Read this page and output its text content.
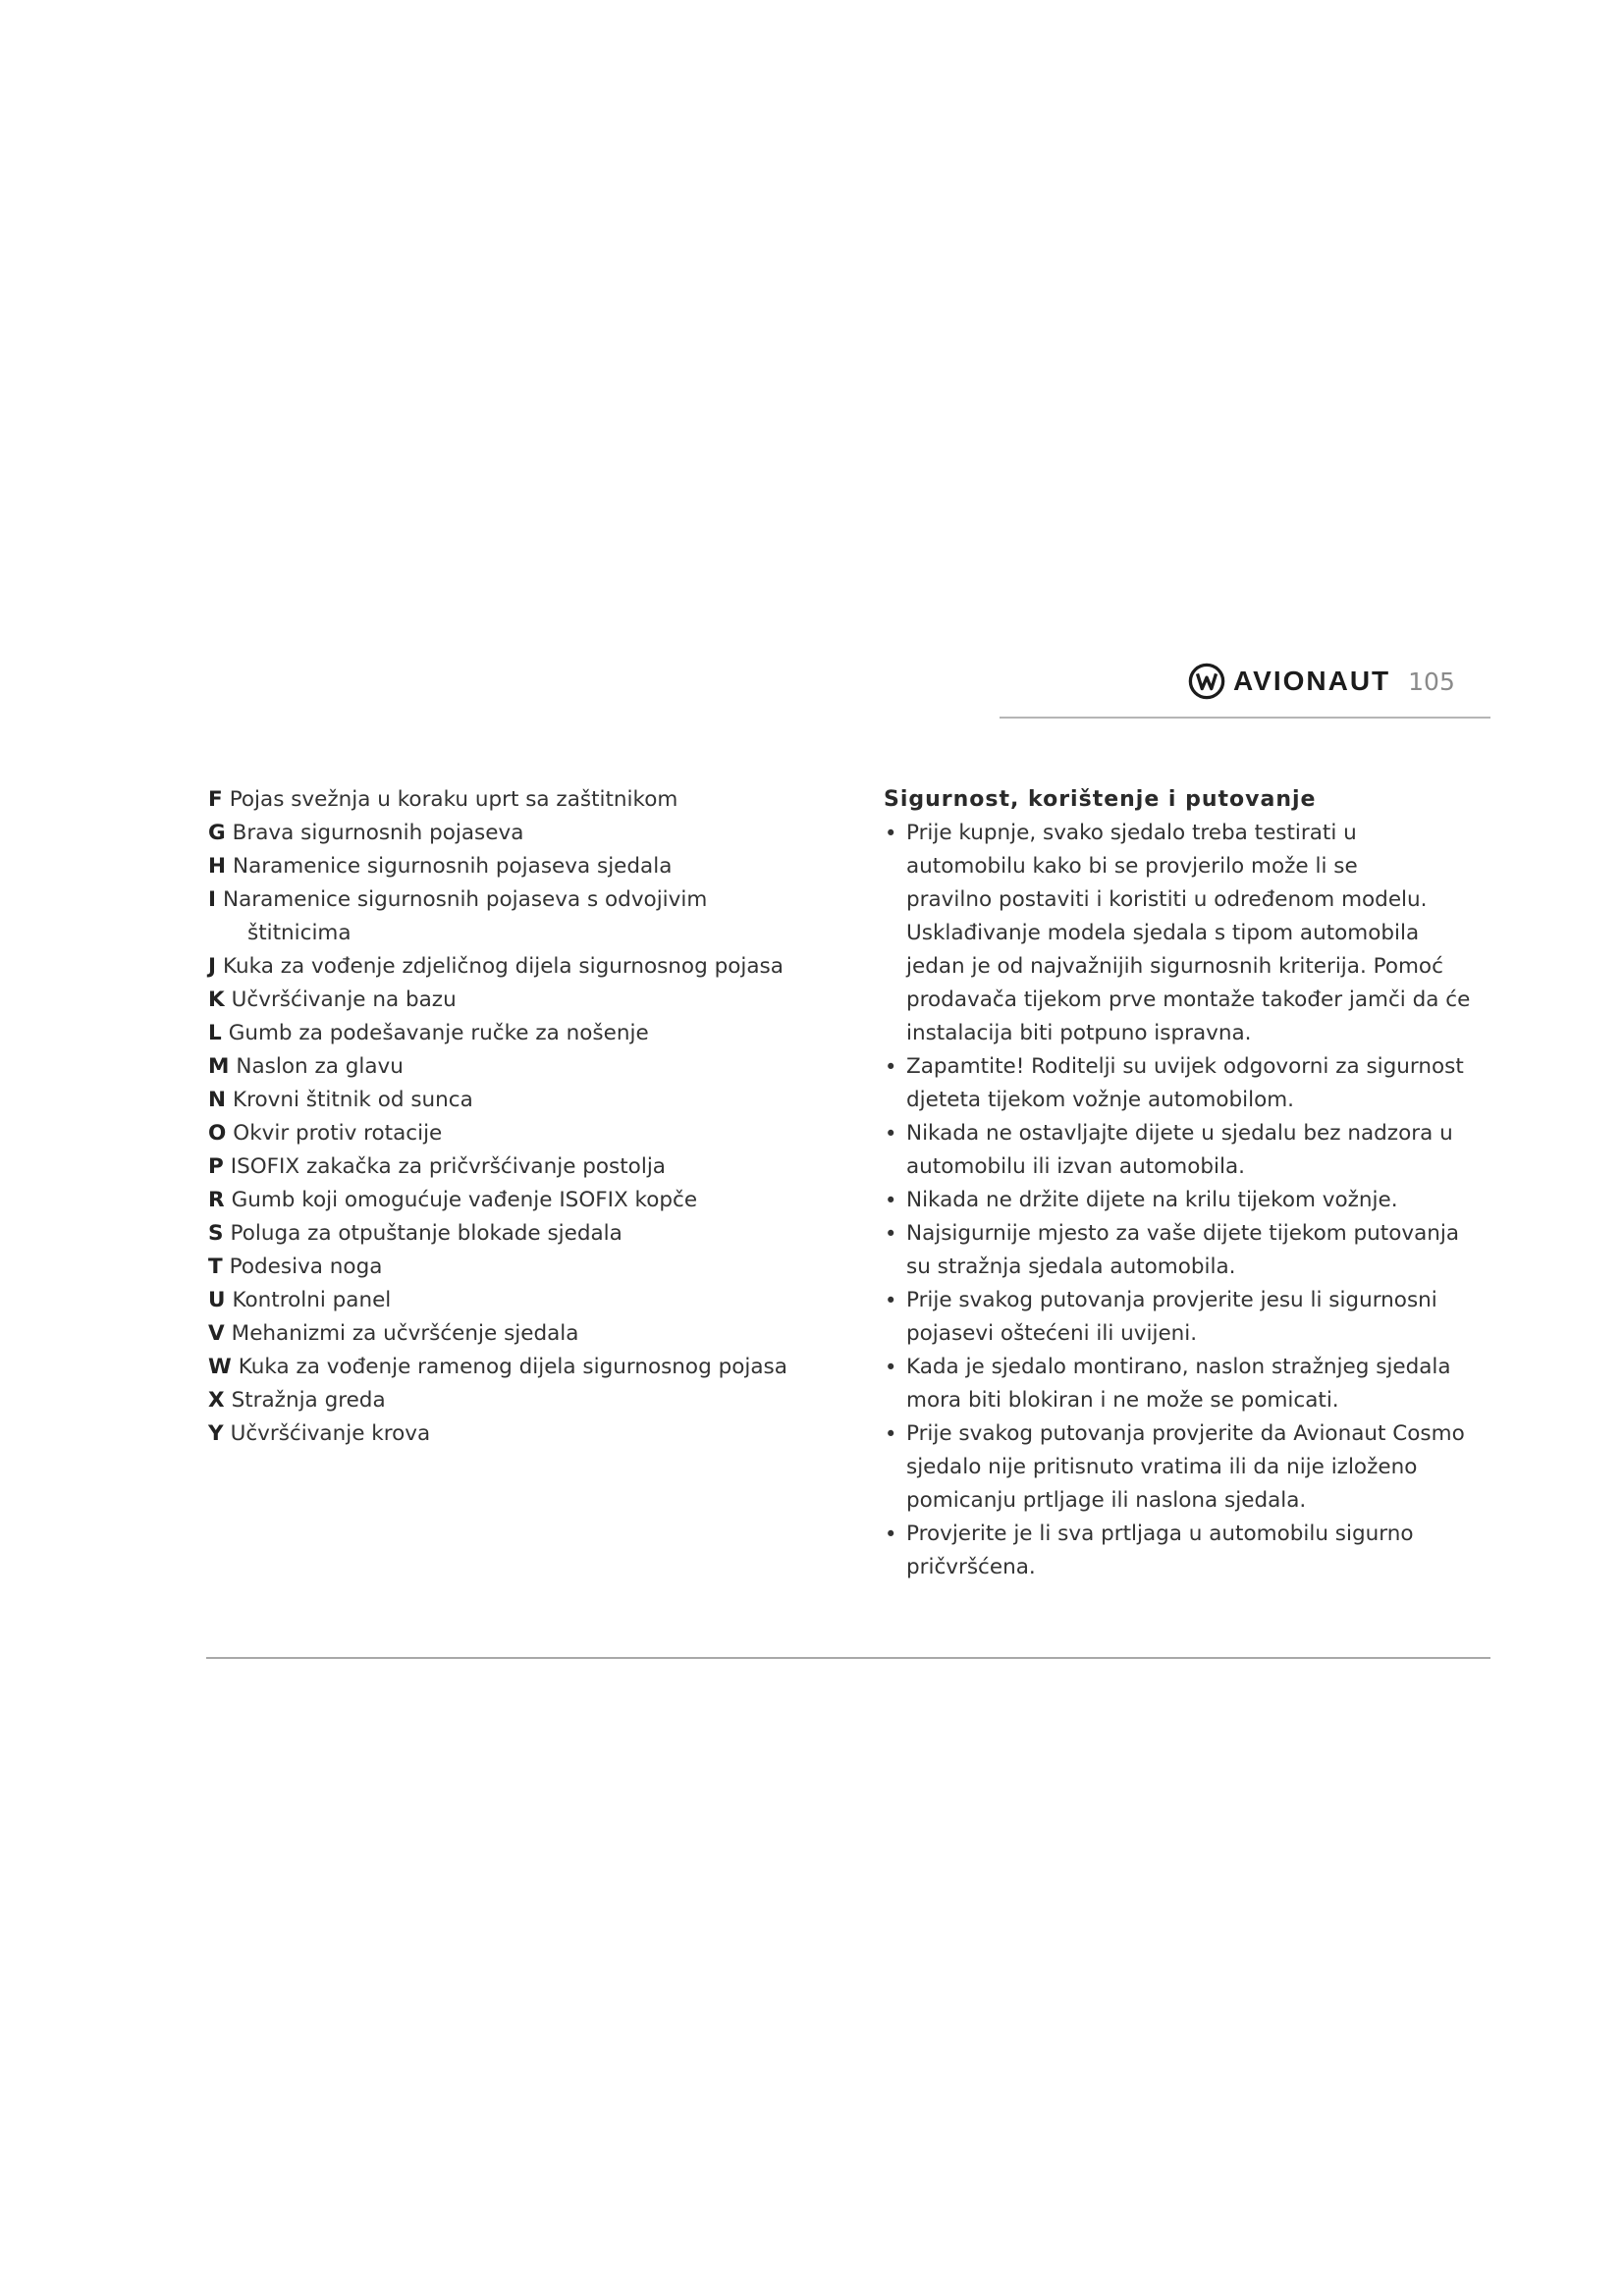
AVIONAUT 105
F Pojas svežnja u koraku uprt sa zaštitnikom
G Brava sigurnosnih pojaseva
H Naramenice sigurnosnih pojaseva sjedala
I Naramenice sigurnosnih pojaseva s odvojivim štitnicima
J Kuka za vođenje zdjeličnog dijela sigurnosnog pojasa
K Učvršćivanje na bazu
L Gumb za podešavanje ručke za nošenje
M Naslon za glavu
N Krovni štitnik od sunca
O Okvir protiv rotacije
P ISOFIX zakačka za pričvršćivanje postolja
R Gumb koji omogućuje vađenje ISOFIX kopče
S Poluga za otpuštanje blokade sjedala
T Podesiva noga
U Kontrolni panel
V Mehanizmi za učvršćenje sjedala
W Kuka za vođenje ramenog dijela sigurnosnog pojasa
X Stražnja greda
Y Učvršćivanje krova

Sigurnost, korištenje i putovanje

• Prije kupnje, svako sjedalo treba testirati u
automobilu kako bi se provjerilo može li se
pravilno postaviti i koristiti u određenom modelu.
Usklađivanje modela sjedala s tipom automobila
jedan je od najvažnijih sigurnosnih kriterija. Pomoć
prodavača tijekom prve montaže također jamči da će
instalacija biti potpuno ispravna.
• Zapamtite! Roditelji su uvijek odgovorni za sigurnost
djeteta tijekom vožnje automobilom.
• Nikada ne ostavljajte dijete u sjedalu bez nadzora u
automobilu ili izvan automobila.
• Nikada ne držite dijete na krilu tijekom vožnje.
• Najsigurnije mjesto za vaše dijete tijekom putovanja
su stražnja sjedala automobila.
• Prije svakog putovanja provjerite jesu li sigurnosni
pojasevi oštećeni ili uvijeni.
• Kada je sjedalo montirano, naslon stražnjeg sjedala
mora biti blokiran i ne može se pomicati.
• Prije svakog putovanja provjerite da Avionaut Cosmo
sjedalo nije pritisnuto vratima ili da nije izloženo
pomicanju prtljage ili naslona sjedala.
• Provjerite je li sva prtljaga u automobilu sigurno
pričvršćena.
